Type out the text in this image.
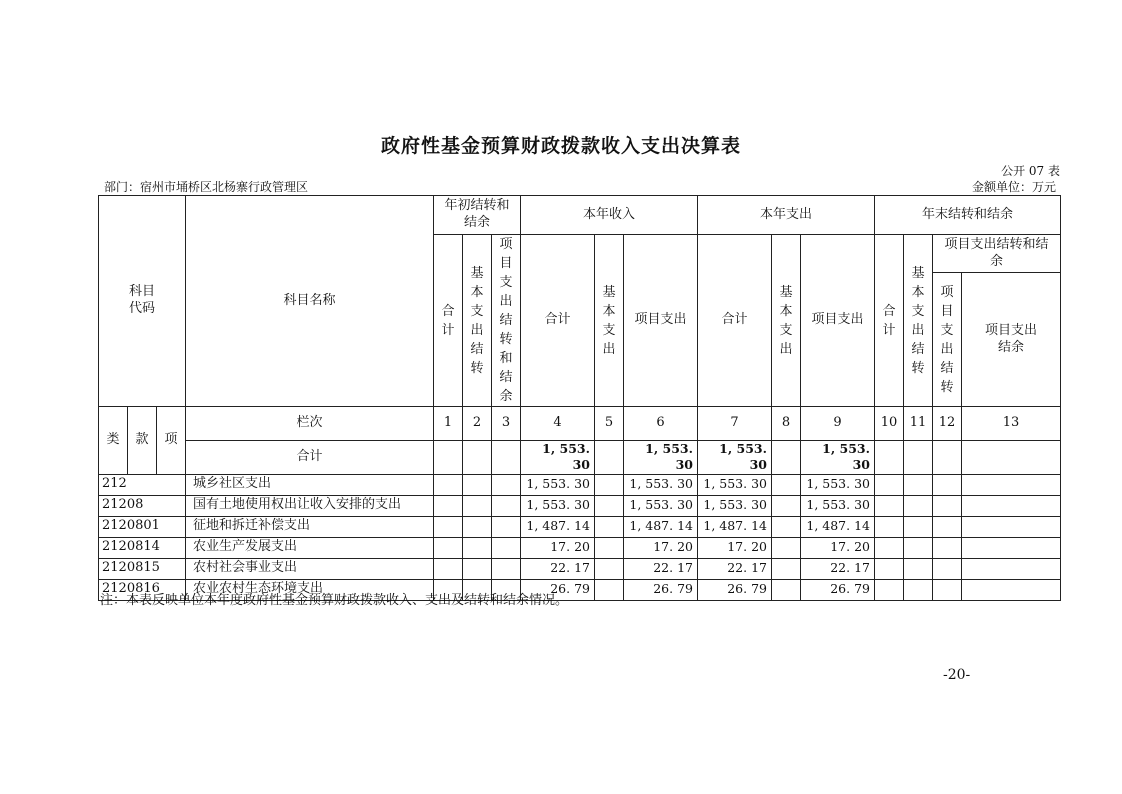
政府性基金预算财政拨款收入支出决算表
公开 07 表
部门：宿州市埇桥区北杨寨行政管理区	金额单位：万元
科目代码			科目名称	年初结转和结余			本年收入			本年支出			年末结转和结余			
				合计	基本支出结转	项目支出结转和结余	合计	基本支出	项目支出	合计	基本支出	项目支出	合计	基本支出结转	项目支出结转和结余	
															项目支出结转	项目支出结余
类	款	项	栏次	1	2	3	4	5	6	7	8	9	10	11	12	13
			合计				1, 553. 30		1, 553. 30	1, 553. 30		1, 553. 30				
212			城乡社区支出				1, 553. 30		1, 553. 30	1, 553. 30		1, 553. 30				
21208			国有土地使用权出让收入安排的支出				1, 553. 30		1, 553. 30	1, 553. 30		1, 553. 30				
2120801			征地和拆迁补偿支出				1, 487. 14		1, 487. 14	1, 487. 14		1, 487. 14				
2120814			农业生产发展支出				17. 20		17. 20	17. 20		17. 20				
2120815			农村社会事业支出				22. 17		22. 17	22. 17		22. 17				
2120816			农业农村生态环境支出				26. 79		26. 79	26. 79		26. 79				
注：本表反映单位本年度政府性基金预算财政拨款收入、支出及结转和结余情况。
-20-
